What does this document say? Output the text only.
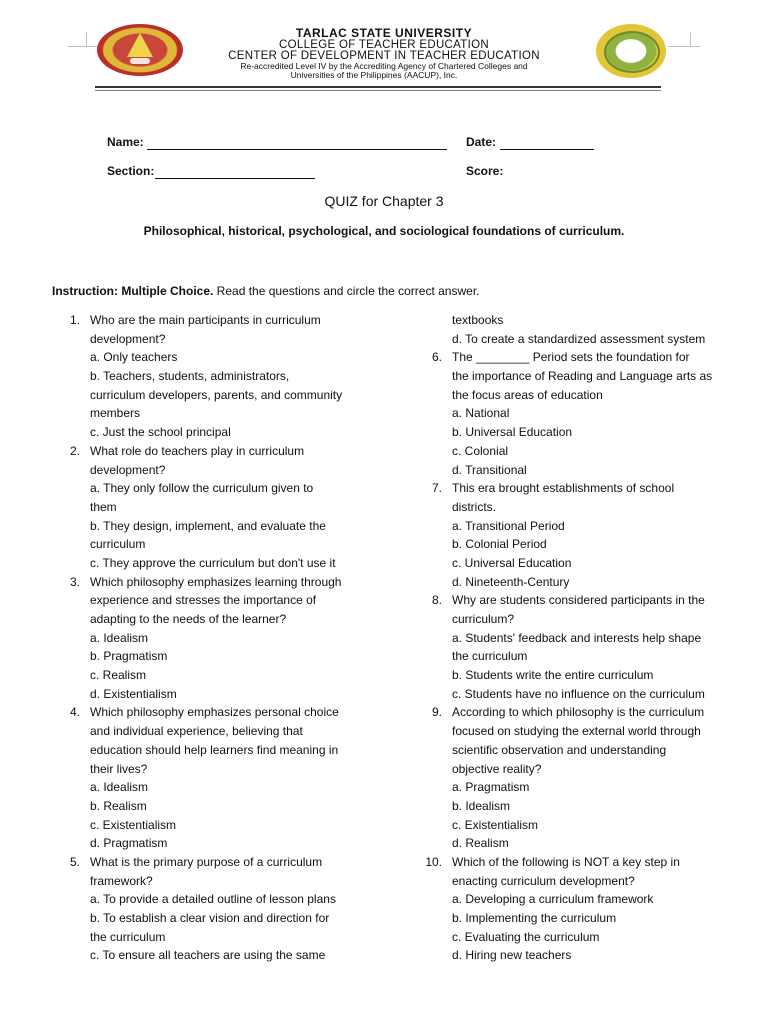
TARLAC STATE UNIVERSITY
COLLEGE OF TEACHER EDUCATION
CENTER OF DEVELOPMENT IN TEACHER EDUCATION
Re-accredited Level IV by the Accrediting Agency of Chartered Colleges and
Universities of the Philippines (AACUP), Inc.
Name:	Date:
Section:	Score:
QUIZ for Chapter 3
Philosophical, historical, psychological, and sociological foundations of curriculum.
Instruction: Multiple Choice. Read the questions and circle the correct answer.
1. Who are the main participants in curriculum
development?
a. Only teachers
b. Teachers, students, administrators,
curriculum developers, parents, and community
members
c. Just the school principal
2. What role do teachers play in curriculum
development?
a. They only follow the curriculum given to
them
b. They design, implement, and evaluate the
curriculum
c. They approve the curriculum but don't use it
3. Which philosophy emphasizes learning through
experience and stresses the importance of
adapting to the needs of the learner?
a. Idealism
b. Pragmatism
c. Realism
d. Existentialism
4. Which philosophy emphasizes personal choice
and individual experience, believing that
education should help learners find meaning in
their lives?
a. Idealism
b. Realism
c. Existentialism
d. Pragmatism
5. What is the primary purpose of a curriculum
framework?
a. To provide a detailed outline of lesson plans
b. To establish a clear vision and direction for
the curriculum
c. To ensure all teachers are using the same
textbooks
d. To create a standardized assessment system
6. The ________ Period sets the foundation for
the importance of Reading and Language arts as
the focus areas of education
a. National
b. Universal Education
c. Colonial
d. Transitional
7. This era brought establishments of school
districts.
a. Transitional Period
b. Colonial Period
c. Universal Education
d. Nineteenth-Century
8. Why are students considered participants in the
curriculum?
a. Students' feedback and interests help shape
the curriculum
b. Students write the entire curriculum
c. Students have no influence on the curriculum
9. According to which philosophy is the curriculum
focused on studying the external world through
scientific observation and understanding
objective reality?
a. Pragmatism
b. Idealism
c. Existentialism
d. Realism
10. Which of the following is NOT a key step in
enacting curriculum development?
a. Developing a curriculum framework
b. Implementing the curriculum
c. Evaluating the curriculum
d. Hiring new teachers
